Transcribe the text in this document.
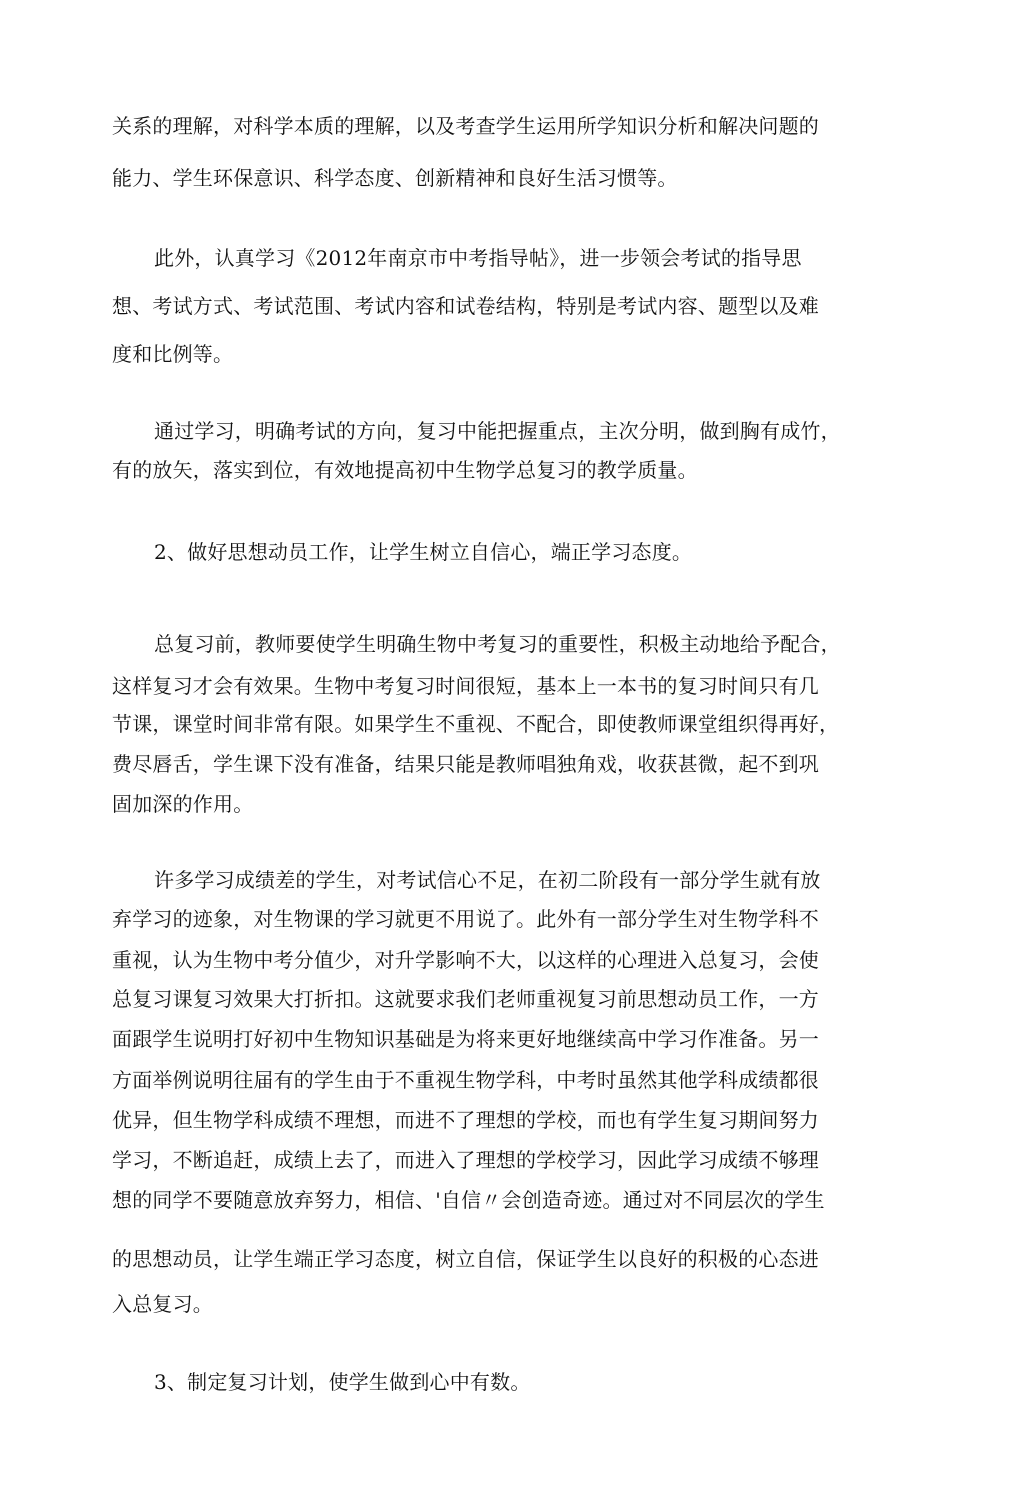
关系的理解，对科学本质的理解，以及考查学生运用所学知识分析和解决问题的
能力、学生环保意识、科学态度、创新精神和良好生活习惯等。
此外，认真学习《2012年南京市中考指导帖》，进一步领会考试的指导思
想、考试方式、考试范围、考试内容和试卷结构，特别是考试内容、题型以及难
度和比例等。
通过学习，明确考试的方向，复习中能把握重点，主次分明，做到胸有成竹，
有的放矢，落实到位，有效地提高初中生物学总复习的教学质量。
2、做好思想动员工作，让学生树立自信心，端正学习态度。
总复习前，教师要使学生明确生物中考复习的重要性，积极主动地给予配合，
这样复习才会有效果。生物中考复习时间很短，基本上一本书的复习时间只有几
节课，课堂时间非常有限。如果学生不重视、不配合，即使教师课堂组织得再好，
费尽唇舌，学生课下没有准备，结果只能是教师唱独角戏，收获甚微，起不到巩
固加深的作用。
许多学习成绩差的学生，对考试信心不足，在初二阶段有一部分学生就有放
弃学习的迹象，对生物课的学习就更不用说了。此外有一部分学生对生物学科不
重视，认为生物中考分值少，对升学影响不大，以这样的心理进入总复习，会使
总复习课复习效果大打折扣。这就要求我们老师重视复习前思想动员工作，一方
面跟学生说明打好初中生物知识基础是为将来更好地继续高中学习作准备。另一
方面举例说明往届有的学生由于不重视生物学科，中考时虽然其他学科成绩都很
优异，但生物学科成绩不理想，而进不了理想的学校，而也有学生复习期间努力
学习，不断追赶，成绩上去了，而进入了理想的学校学习，因此学习成绩不够理
想的同学不要随意放弃努力，相信、'自信〃会创造奇迹。通过对不同层次的学生
的思想动员，让学生端正学习态度，树立自信，保证学生以良好的积极的心态进
入总复习。
3、制定复习计划，使学生做到心中有数。
